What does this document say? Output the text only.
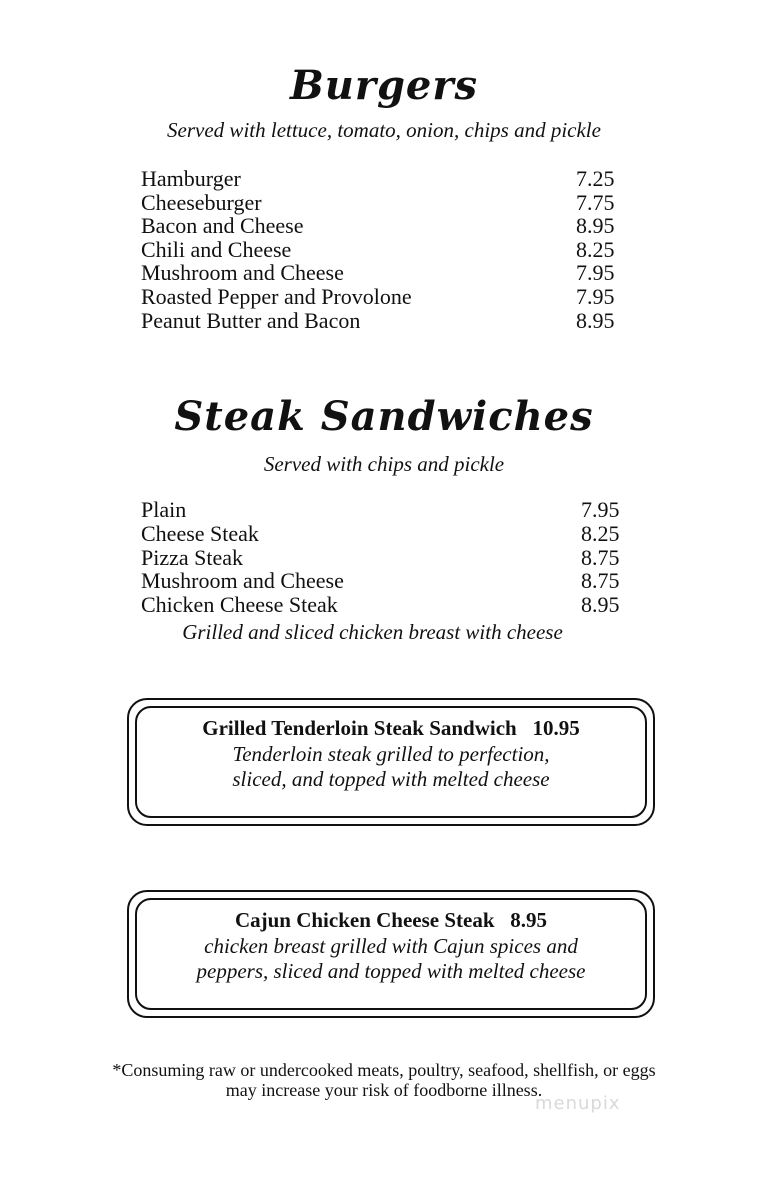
Burgers
Served with lettuce, tomato, onion, chips and pickle
Hamburger	7.25
Cheeseburger	7.75
Bacon and Cheese	8.95
Chili and Cheese	8.25
Mushroom and Cheese	7.95
Roasted Pepper and Provolone	7.95
Peanut Butter and Bacon	8.95
Steak Sandwiches
Served with chips and pickle
Plain	7.95
Cheese Steak	8.25
Pizza Steak	8.75
Mushroom and Cheese	8.75
Chicken Cheese Steak	8.95
Grilled and sliced chicken breast with cheese
Grilled Tenderloin Steak Sandwich 10.95
Tenderloin steak grilled to perfection,
sliced, and topped with melted cheese
Cajun Chicken Cheese Steak 8.95
chicken breast grilled with Cajun spices and
peppers, sliced and topped with melted cheese
*Consuming raw or undercooked meats, poultry, seafood, shellfish, or eggs
may increase your risk of foodborne illness.
menupix
